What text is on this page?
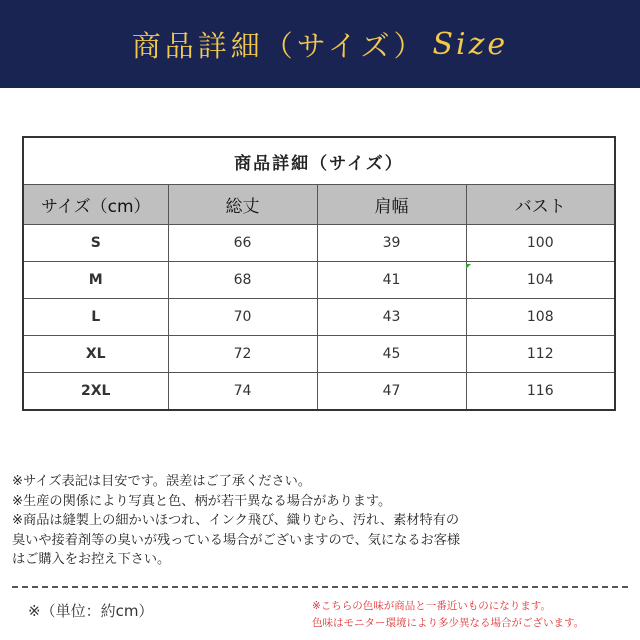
商品詳細（サイズ） Size
商品詳細（サイズ）			
サイズ（cm）	総丈	肩幅	バスト
S	66	39	100
M	68	41	104
L	70	43	108
XL	72	45	112
2XL	74	47	116
※サイズ表記は目安です。誤差はご了承ください。
※生産の関係により写真と色、柄が若干異なる場合があります。
※商品は縫製上の細かいほつれ、インク飛び、織りむら、汚れ、素材特有の
臭いや接着剤等の臭いが残っている場合がございますので、気になるお客様
はご購入をお控え下さい。
※（単位：約cm）	※こちらの色味が商品と一番近いものになります。
色味はモニター環境により多少異なる場合がございます。
